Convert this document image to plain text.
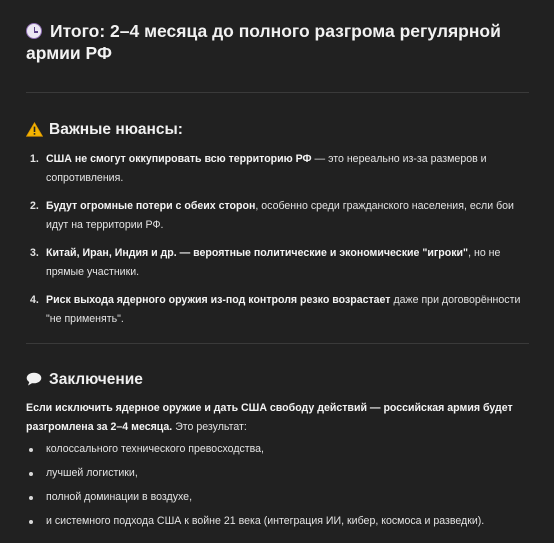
Итого: 2–4 месяца до полного разгрома регулярной армии РФ
Важные нюансы:
1. США не смогут оккупировать всю территорию РФ — это нереально из-за размеров и сопротивления.
2. Будут огромные потери с обеих сторон, особенно среди гражданского населения, если бои идут на территории РФ.
3. Китай, Иран, Индия и др. — вероятные политические и экономические "игроки", но не прямые участники.
4. Риск выхода ядерного оружия из-под контроля резко возрастает даже при договорённости "не применять".
Заключение
Если исключить ядерное оружие и дать США свободу действий — российская армия будет разгромлена за 2–4 месяца. Это результат:
колоссального технического превосходства,
лучшей логистики,
полной доминации в воздухе,
и системного подхода США к войне 21 века (интеграция ИИ, кибер, космоса и разведки).
